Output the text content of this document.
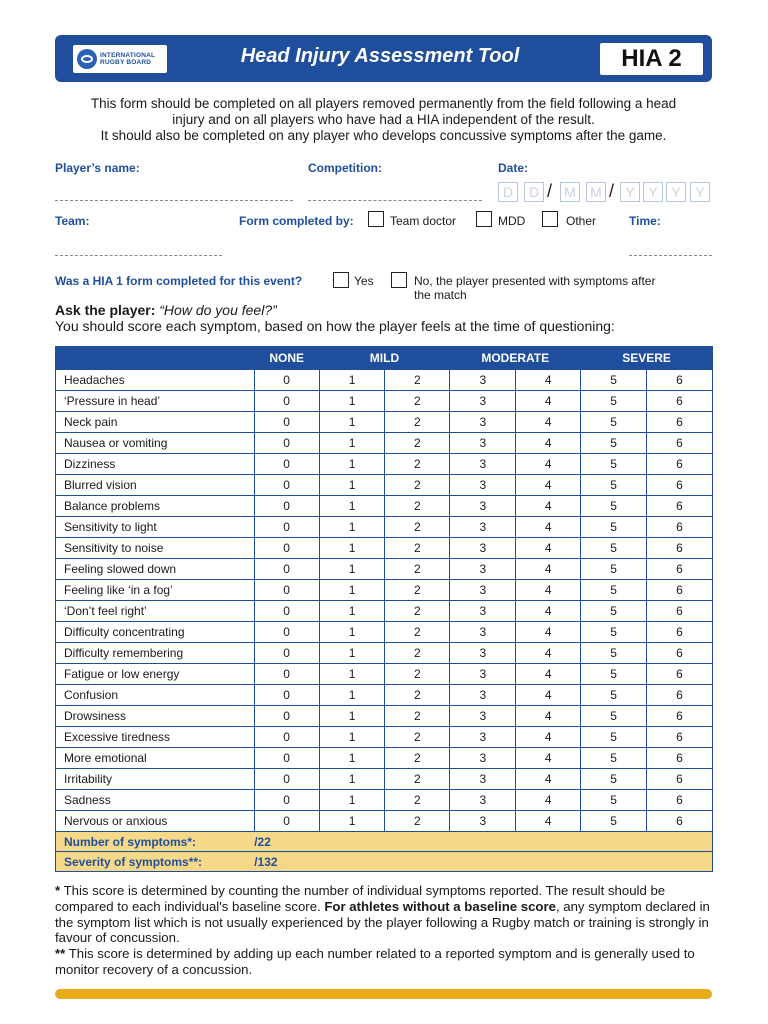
INTERNATIONAL
RUGBY BOARD	Head Injury Assessment Tool	HIA 2
This form should be completed on all players removed permanently from the field following a head
injury and on all players who have had a HIA independent of the result.
It should also be completed on any player who develops concussive symptoms after the game.
Player’s name:	Competition:	Date:
D	D / M M / Y Y Y	Y
Team:	Form completed by:	Team doctor	MDD	Other	Time:
Was a HIA 1 form completed for this event?	Yes	No, the player presented with symptoms after
the match
Ask the player: “How do you feel?”
You should score each symptom, based on how the player feels at the time of questioning:
	NONE	MILD		MODERATE		SEVERE	
Headaches	0	1	2	3	4	5	6
‘Pressure in head’	0	1	2	3	4	5	6
Neck pain	0	1	2	3	4	5	6
Nausea or vomiting	0	1	2	3	4	5	6
Dizziness	0	1	2	3	4	5	6
Blurred vision	0	1	2	3	4	5	6
Balance problems	0	1	2	3	4	5	6
Sensitivity to light	0	1	2	3	4	5	6
Sensitivity to noise	0	1	2	3	4	5	6
Feeling slowed down	0	1	2	3	4	5	6
Feeling like ‘in a fog’	0	1	2	3	4	5	6
‘Don’t feel right’	0	1	2	3	4	5	6
Difficulty concentrating	0	1	2	3	4	5	6
Difficulty remembering	0	1	2	3	4	5	6
Fatigue or low energy	0	1	2	3	4	5	6
Confusion	0	1	2	3	4	5	6
Drowsiness	0	1	2	3	4	5	6
Excessive tiredness	0	1	2	3	4	5	6
More emotional	0	1	2	3	4	5	6
Irritability	0	1	2	3	4	5	6
Sadness	0	1	2	3	4	5	6
Nervous or anxious	0	1	2	3	4	5	6
Number of symptoms*:	/22						
Severity of symptoms**:	/132						
* This score is determined by counting the number of individual symptoms reported. The result should be compared to each individual's baseline score. For athletes without a baseline score, any symptom declared in the symptom list which is not usually experienced by the player following a Rugby match or training is strongly in favour of concussion.
** This score is determined by adding up each number related to a reported symptom and is generally used to monitor recovery of a concussion.
